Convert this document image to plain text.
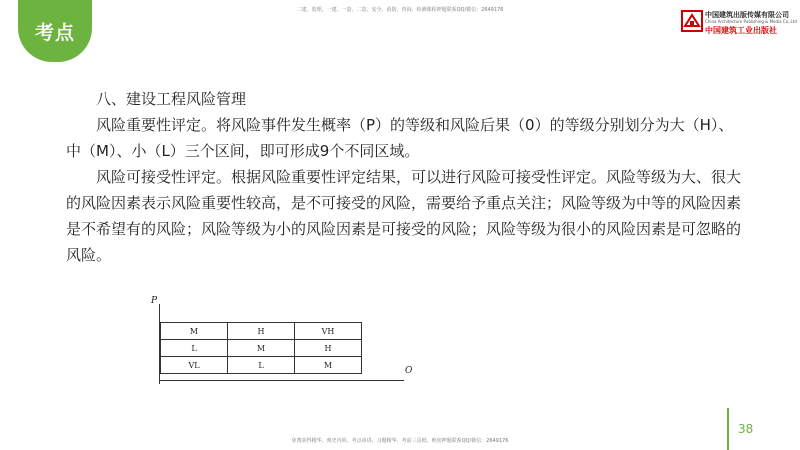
考点
二建、监理、一建、一造、二造、安全、消防、咨询、检测课程押题联系QQ/微信：2649176
中国建筑出版传媒有限公司
China Architecture Publishing & Media Co.,Ltd
中国建筑工业出版社

八、建设工程风险管理

风险重要性评定。将风险事件发生概率（P）的等级和风险后果（0）的等级分别划分为大（H）、中（M）、小（L）三个区间，即可形成9个不同区域。

风险可接受性评定。根据风险重要性评定结果，可以进行风险可接受性评定。风险等级为大、很大的风险因素表示风险重要性较高，是不可接受的风险，需要给予重点关注；风险等级为中等的风险因素是不希望有的风险；风险等级为小的风险因素是可接受的风险；风险等级为很小的风险因素是可忽略的风险。

P
O
M	H	VH
L	M	H
VL	L	M
38
免费获得精华、典史内训、考点串讲、习题精华、考前三页纸、绝密押题联系QQ/微信：2649176
